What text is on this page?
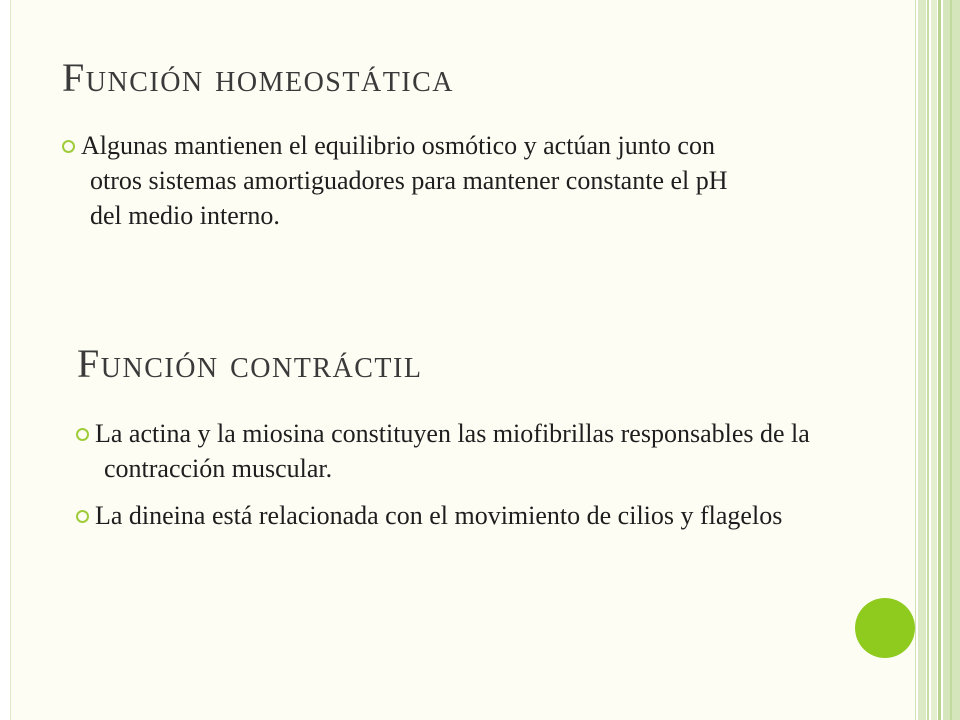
Función homeostática
Algunas mantienen el equilibrio osmótico y actúan junto con otros sistemas amortiguadores para mantener constante el pH del medio interno.
Función contráctil
La actina y la miosina constituyen las miofibrillas responsables de la contracción muscular.
La dineina está relacionada con el movimiento de cilios y flagelos
